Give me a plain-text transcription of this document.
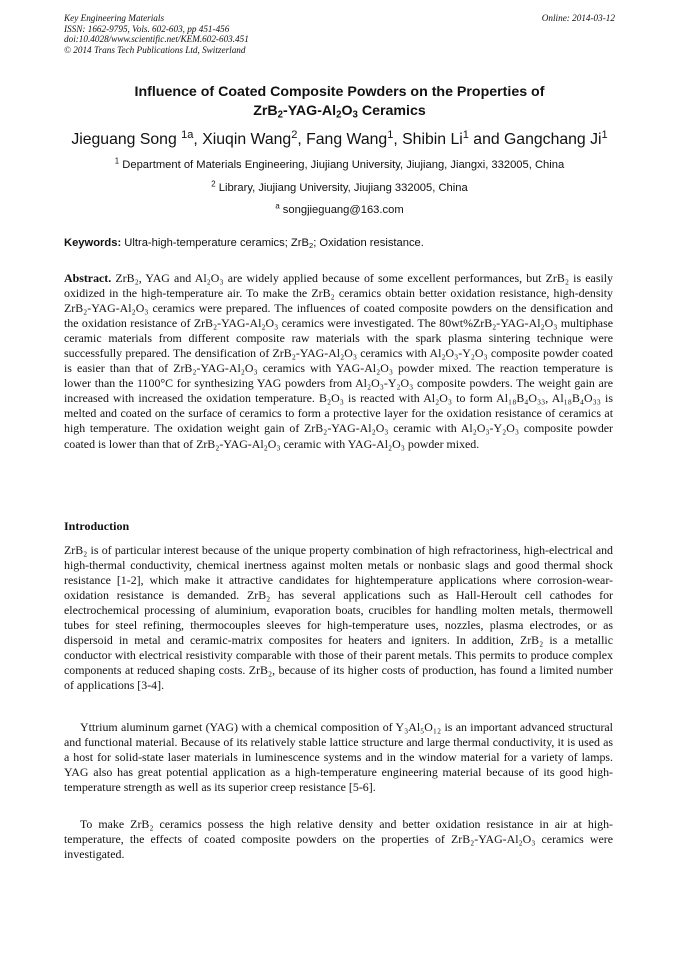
Key Engineering Materials
ISSN: 1662-9795, Vols. 602-603, pp 451-456
doi:10.4028/www.scientific.net/KEM.602-603.451
© 2014 Trans Tech Publications Ltd, Switzerland
Online: 2014-03-12
Influence of Coated Composite Powders on the Properties of
$ZrB_2-YAG-Al_2O_3$ Ceramics
Jieguang Song $^{1a}$, Xiuqin Wang$^2$, Fang Wang$^1$, Shibin Li$^1$ and Gangchang Ji$^1$
$^1$ Department of Materials Engineering, Jiujiang University, Jiujiang, Jiangxi, 332005, China
$^2$ Library, Jiujiang University, Jiujiang 332005, China
$^a$ songjieguang@163.com
Keywords: Ultra-high-temperature ceramics; ZrB$_2$; Oxidation resistance.

Abstract. ZrB₂, YAG and Al₂O₃ are widely applied because of some excellent performances, but ZrB₂ is easily oxidized in the high-temperature air. To make the ZrB₂ ceramics obtain better oxidation resistance, high-density ZrB₂-YAG-Al₂O₃ ceramics were prepared. The influences of coated composite powders on the densification and the oxidation resistance of ZrB₂-YAG-Al₂O₃ ceramics were investigated. The 80wt%ZrB₂-YAG-Al₂O₃ multiphase ceramic materials from different composite raw materials with the spark plasma sintering technique were successfully prepared. The densification of ZrB₂-YAG-Al₂O₃ ceramics with Al₂O₃-Y₂O₃ composite powder coated is easier than that of ZrB₂-YAG-Al₂O₃ ceramics with YAG-Al₂O₃ powder mixed. The reaction temperature is lower than the 1100°C for synthesizing YAG powders from Al₂O₃-Y₂O₃ composite powders. The weight gain are increased with increased the oxidation temperature. B₂O₃ is reacted with Al₂O₃ to form Al₁₈B₄O₃₃, Al₁₈B₄O₃₃ is melted and coated on the surface of ceramics to form a protective layer for the oxidation resistance of ceramics at high temperature. The oxidation weight gain of ZrB₂-YAG-Al₂O₃ ceramic with Al₂O₃-Y₂O₃ composite powder coated is lower than that of ZrB₂-YAG-Al₂O₃ ceramic with YAG-Al₂O₃ powder mixed.

Introduction

ZrB₂ is of particular interest because of the unique property combination of high refractoriness, high-electrical and high-thermal conductivity, chemical inertness against molten metals or nonbasic slags and good thermal shock resistance [1-2], which make it attractive candidates for hightemperature applications where corrosion-wear-oxidation resistance is demanded. ZrB₂ has several applications such as Hall-Heroult cell cathodes for electrochemical processing of aluminium, evaporation boats, crucibles for handling molten metals, thermowell tubes for steel refining, thermocouples sleeves for high-temperature uses, nozzles, plasma electrodes, or as dispersoid in metal and ceramic-matrix composites for heaters and igniters. In addition, ZrB₂ is a metallic conductor with electrical resistivity comparable with those of their parent metals. This permits to produce complex components at reduced shaping costs. ZrB₂, because of its higher costs of production, has found a limited number of applications [3-4].

Yttrium aluminum garnet (YAG) with a chemical composition of Y₃Al₅O₁₂ is an important advanced structural and functional material. Because of its relatively stable lattice structure and large thermal conductivity, it is used as a host for solid-state laser materials in luminescence systems and in the window material for a variety of lamps. YAG also has great potential application as a high-temperature engineering material because of its good high-temperature strength as well as its superior creep resistance [5-6].

To make ZrB₂ ceramics possess the high relative density and better oxidation resistance in air at high-temperature, the effects of coated composite powders on the properties of ZrB₂-YAG-Al₂O₃ ceramics were investigated.
